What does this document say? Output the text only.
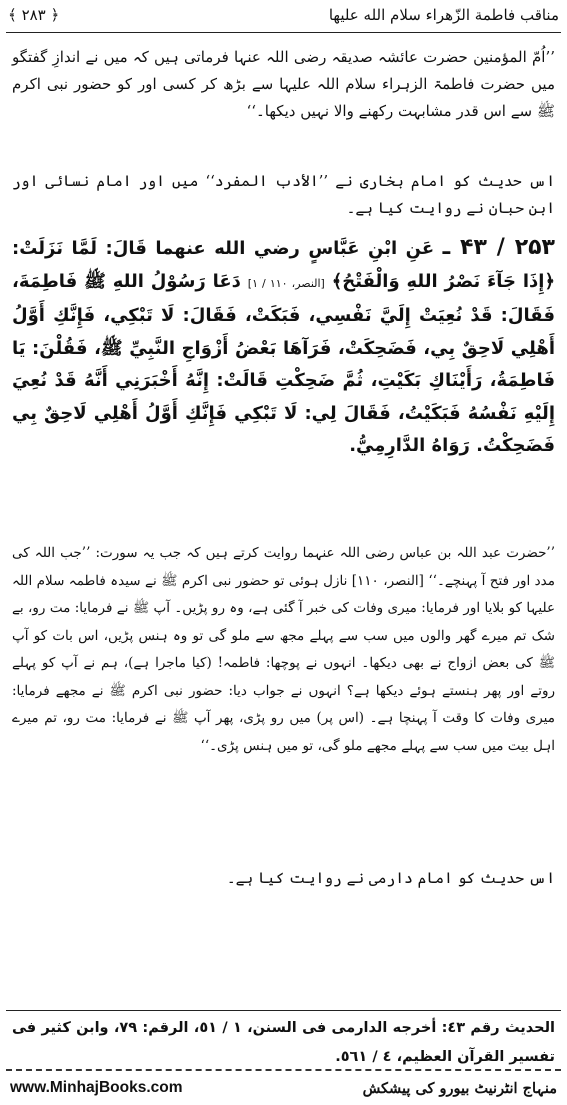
مناقب فاطمة الزّهراء سلام الله علیها
﴿ ۲۸۳ ﴾
’’اُمّ المؤمنین حضرت عائشہ صدیقہ رضی اللہ عنہا فرماتی ہیں کہ میں نے اندازِ گفتگو میں حضرت فاطمۃ الزہراء سلام اللہ علیہا سے بڑھ کر کسی اور کو حضور نبی اکرم ﷺ سے اس قدر مشابہت رکھنے والا نہیں دیکھا۔‘‘
اس حدیث کو امام بخاری نے ’’الأدب المفرد‘‘ میں اور امام نسائی اور ابن حبان نے روایت کیا ہے۔
۲۵۳ / ۴۳ ـ عَنِ ابْنِ عَبَّاسٍ رضي الله عنهما قَالَ: لَمَّا نَزَلَتْ: ﴿إِذَا جَآءَ نَصْرُ اللهِ وَالْفَتْحُ﴾ [النصر، ١١٠ / ١] دَعَا رَسُوْلُ اللهِ ﷺ فَاطِمَةَ، فَقَالَ: قَدْ نُعِيَتْ إِلَيَّ نَفْسِي، فَبَكَتْ، فَقَالَ: لَا تَبْكِي، فَإِنَّكِ أَوَّلُ أَهْلِي لَاحِقٌ بِي، فَضَحِكَتْ، فَرَآهَا بَعْضُ أَزْوَاجِ النَّبِيِّ ﷺ، فَقُلْنَ: يَا فَاطِمَةُ، رَأَيْنَاكِ بَكَيْتِ، ثُمَّ ضَحِكْتِ قَالَتْ: إِنَّهُ أَخْبَرَنِي أَنَّهُ قَدْ نُعِيَ إِلَيْهِ نَفْسُهُ فَبَكَيْتُ، فَقَالَ لِي: لَا تَبْكِي فَإِنَّكِ أَوَّلُ أَهْلِي لَاحِقٌ بِي فَضَحِكْتُ. رَوَاهُ الدَّارِمِيُّ.
’’حضرت عبد اللہ بن عباس رضی اللہ عنہما روایت کرتے ہیں کہ جب یہ سورت: ’’جب اللہ کی مدد اور فتح آ پہنچے۔‘‘ [النصر، ١١٠] نازل ہوئی تو حضور نبی اکرم ﷺ نے سیدہ فاطمہ سلام اللہ علیہا کو بلایا اور فرمایا: میری وفات کی خبر آ گئی ہے، وہ رو پڑیں۔ آپ ﷺ نے فرمایا: مت رو، بے شک تم میرے گھر والوں میں سب سے پہلے مجھ سے ملو گی تو وہ ہنس پڑیں، اس بات کو آپ ﷺ کی بعض ازواج نے بھی دیکھا۔ انہوں نے پوچھا: فاطمہ! (کیا ماجرا ہے)، ہم نے آپ کو پہلے روتے اور پھر ہنستے ہوئے دیکھا ہے؟ انہوں نے جواب دیا: حضور نبی اکرم ﷺ نے مجھے فرمایا: میری وفات کا وقت آ پہنچا ہے۔ (اس پر) میں رو پڑی، پھر آپ ﷺ نے فرمایا: مت رو، تم میرے اہل بیت میں سب سے پہلے مجھے ملو گی، تو میں ہنس پڑی۔‘‘
اس حدیث کو امام دارمی نے روایت کیا ہے۔
الحديث رقم ٤٣: أخرجه الدارمى فى السنن، ١ / ٥١، الرقم: ٧٩، وابن كثير فى تفسير القرآن العظيم، ٤ / ٥٦١.
www.MinhajBooks.com	منہاج انٹرنیٹ بیورو کی پیشکش
